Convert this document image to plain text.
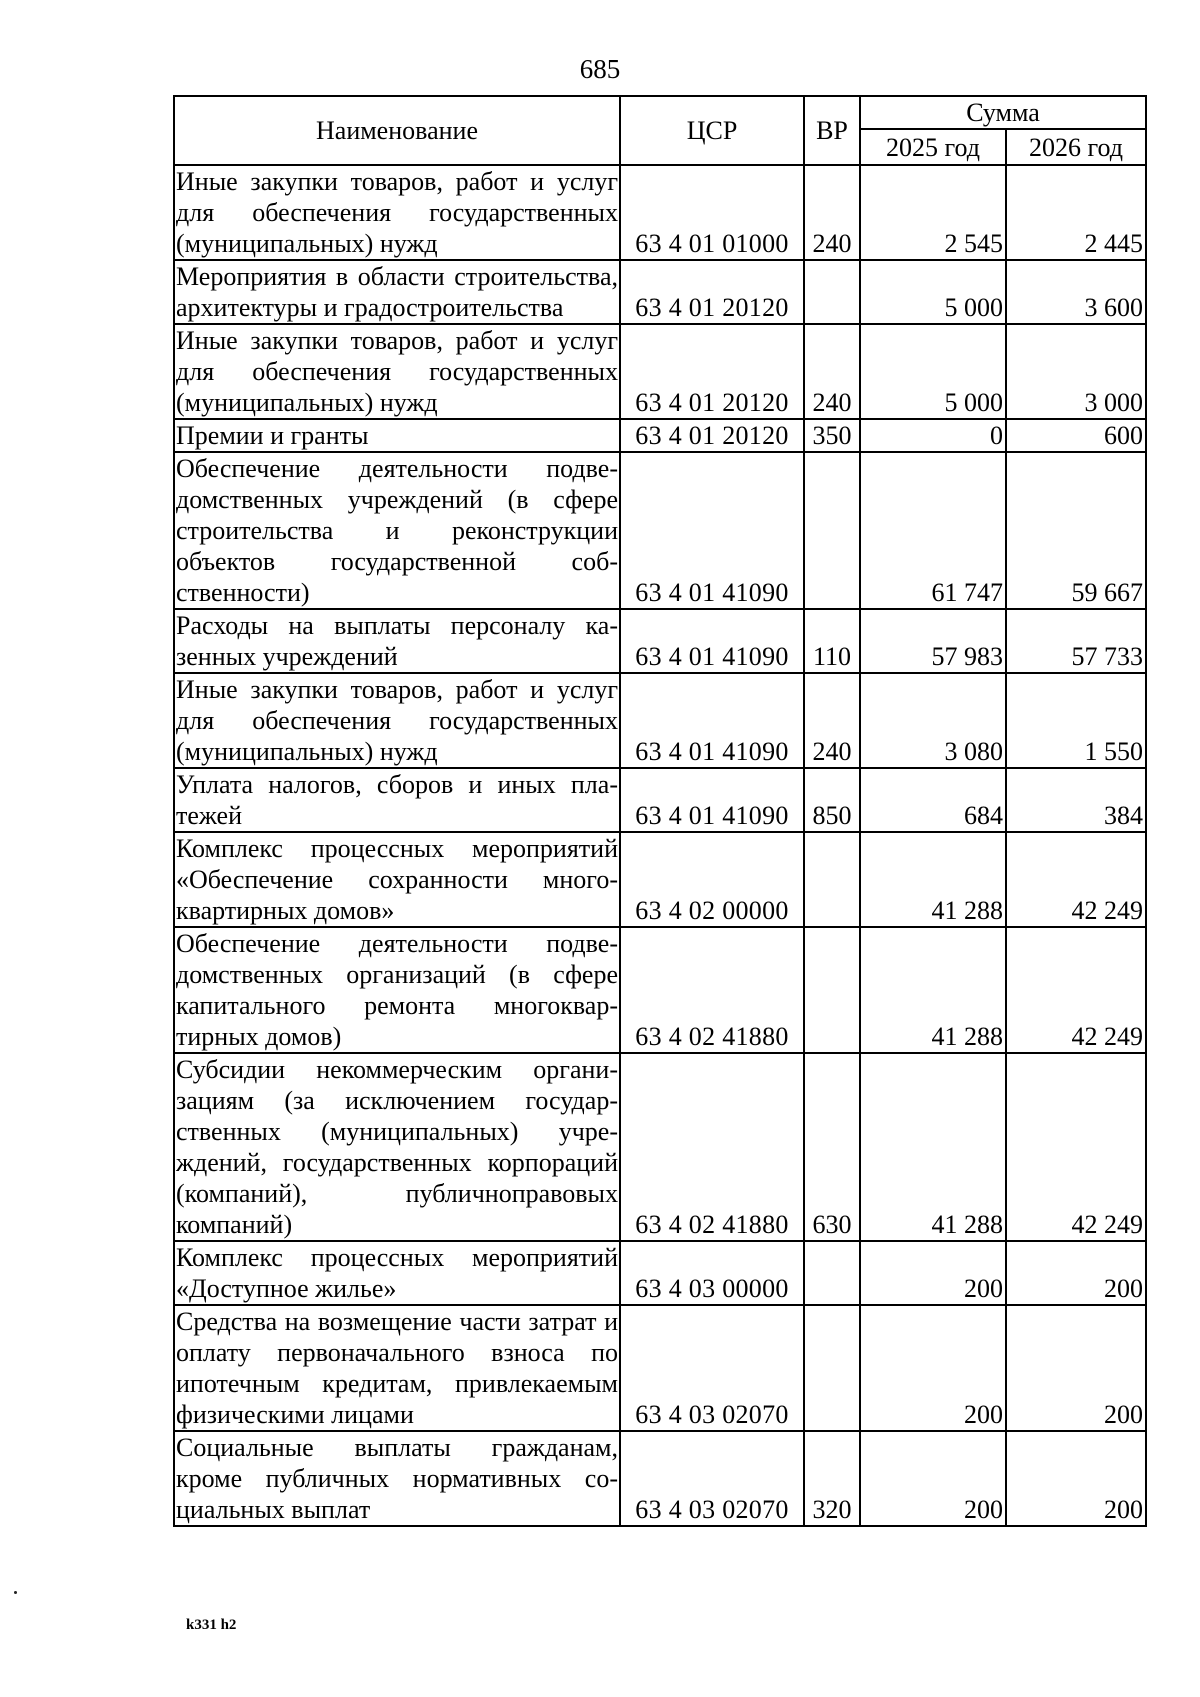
685
Наименование	ЦСР	ВР	Сумма	
			2025 год	2026 год
Иные закупки товаров, работ и услуг для обеспечения государственных (муниципальных) нужд	63 4 01 01000	240	2 545	2 445
Мероприятия в области строительства, архитектуры и градостроительства	63 4 01 20120		5 000	3 600
Иные закупки товаров, работ и услуг для обеспечения государственных (муниципальных) нужд	63 4 01 20120	240	5 000	3 000
Премии и гранты	63 4 01 20120	350	0	600
Обеспечение деятельности подведомственных учреждений (в сфере строительства и реконструкции объектов государственной собственности)	63 4 01 41090		61 747	59 667
Расходы на выплаты персоналу казенных учреждений	63 4 01 41090	110	57 983	57 733
Иные закупки товаров, работ и услуг для обеспечения государственных (муниципальных) нужд	63 4 01 41090	240	3 080	1 550
Уплата налогов, сборов и иных платежей	63 4 01 41090	850	684	384
Комплекс процессных мероприятий «Обеспечение сохранности многоквартирных домов»	63 4 02 00000		41 288	42 249
Обеспечение деятельности подведомственных организаций (в сфере капитального ремонта многоквартирных домов)	63 4 02 41880		41 288	42 249
Субсидии некоммерческим организациям (за исключением государственных (муниципальных) учреждений, государственных корпораций (компаний), публичноправовых компаний)	63 4 02 41880	630	41 288	42 249
Комплекс процессных мероприятий «Доступное жилье»	63 4 03 00000		200	200
Средства на возмещение части затрат и оплату первоначального взноса по ипотечным кредитам, привлекаемым физическими лицами	63 4 03 02070		200	200
Социальные выплаты гражданам, кроме публичных нормативных социальных выплат	63 4 03 02070	320	200	200
k331 h2
